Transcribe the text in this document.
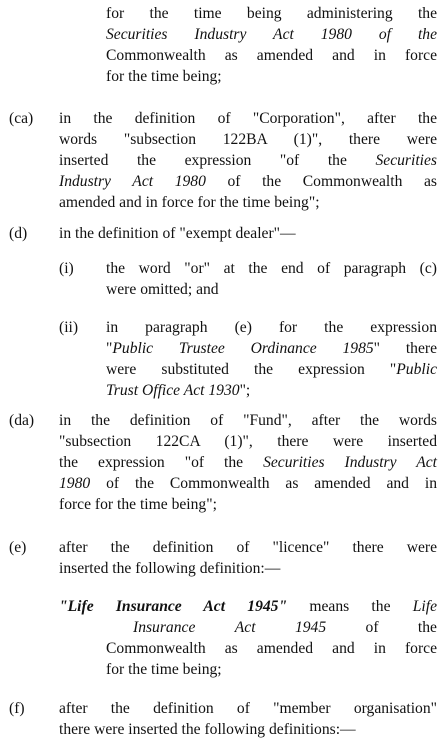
for the time being administering the
Securities Industry Act 1980 of the
Commonwealth as amended and in force
for the time being;
(ca) in the definition of "Corporation", after the
words "subsection 122BA (1)", there were
inserted the expression "of the Securities
Industry Act 1980 of the Commonwealth as
amended and in force for the time being";
(d) in the definition of "exempt dealer"—
(i) the word "or" at the end of paragraph (c)
were omitted; and
(ii) in paragraph (e) for the expression
"Public Trustee Ordinance 1985" there
were substituted the expression "Public
Trust Office Act 1930";
(da) in the definition of "Fund", after the words
"subsection 122CA (1)", there were inserted
the expression "of the Securities Industry Act
1980 of the Commonwealth as amended and in
force for the time being";
(e) after the definition of "licence" there were
inserted the following definition:—
"Life Insurance Act 1945" means the Life
Insurance	Act	1945	of	the
Commonwealth as amended and in force
for the time being;
(f) after the definition of "member organisation"
there were inserted the following definitions:—
